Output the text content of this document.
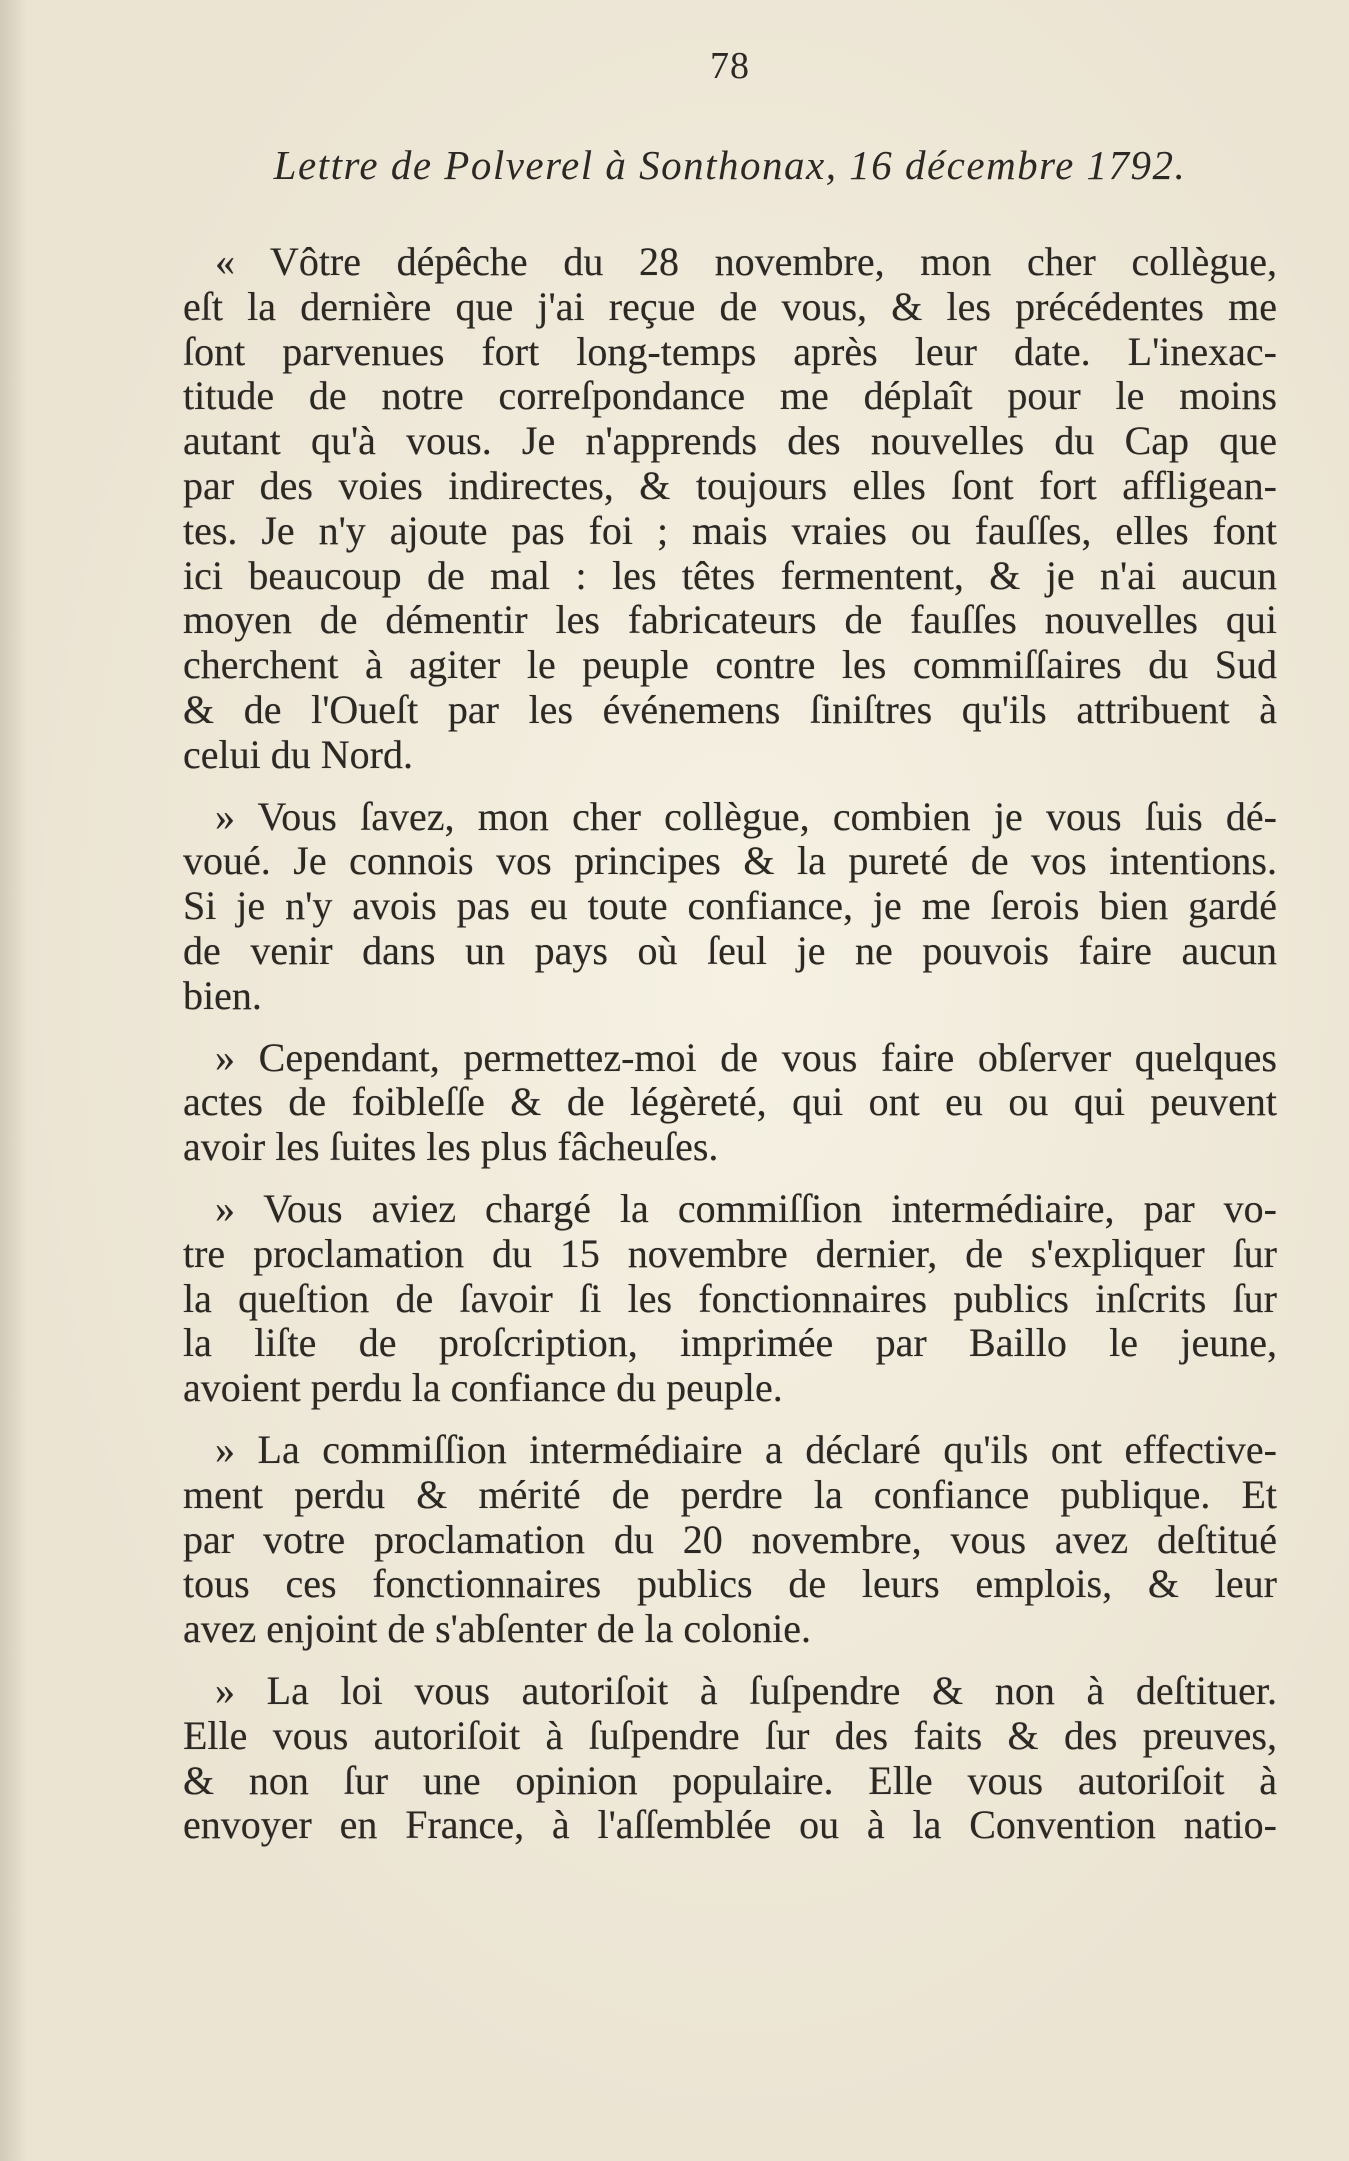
78
Lettre de Polverel à Sonthonax, 16 décembre 1792.
« Vôtre dépêche du 28 novembre, mon cher collègue,
eſt la dernière que j'ai reçue de vous, & les précédentes me
ſont parvenues fort long-temps après leur date. L'inexac-
titude de notre correſpondance me déplaît pour le moins
autant qu'à vous. Je n'apprends des nouvelles du Cap que
par des voies indirectes, & toujours elles ſont fort affligean-
tes. Je n'y ajoute pas foi ; mais vraies ou fauſſes, elles font
ici beaucoup de mal : les têtes fermentent, & je n'ai aucun
moyen de démentir les fabricateurs de fauſſes nouvelles qui
cherchent à agiter le peuple contre les commiſſaires du Sud
& de l'Oueſt par les événemens ſiniſtres qu'ils attribuent à
celui du Nord.
» Vous ſavez, mon cher collègue, combien je vous ſuis dé-
voué. Je connois vos principes & la pureté de vos intentions.
Si je n'y avois pas eu toute confiance, je me ſerois bien gardé
de venir dans un pays où ſeul je ne pouvois faire aucun
bien.
» Cependant, permettez-moi de vous faire obſerver quelques
actes de foibleſſe & de légèreté, qui ont eu ou qui peuvent
avoir les ſuites les plus fâcheuſes.
» Vous aviez chargé la commiſſion intermédiaire, par vo-
tre proclamation du 15 novembre dernier, de s'expliquer ſur
la queſtion de ſavoir ſi les fonctionnaires publics inſcrits ſur
la liſte de proſcription, imprimée par Baillo le jeune,
avoient perdu la confiance du peuple.
» La commiſſion intermédiaire a déclaré qu'ils ont effective-
ment perdu & mérité de perdre la confiance publique. Et
par votre proclamation du 20 novembre, vous avez deſtitué
tous ces fonctionnaires publics de leurs emplois, & leur
avez enjoint de s'abſenter de la colonie.
» La loi vous autoriſoit à ſuſpendre & non à deſtituer.
Elle vous autoriſoit à ſuſpendre ſur des faits & des preuves,
& non ſur une opinion populaire. Elle vous autoriſoit à
envoyer en France, à l'aſſemblée ou à la Convention natio-
